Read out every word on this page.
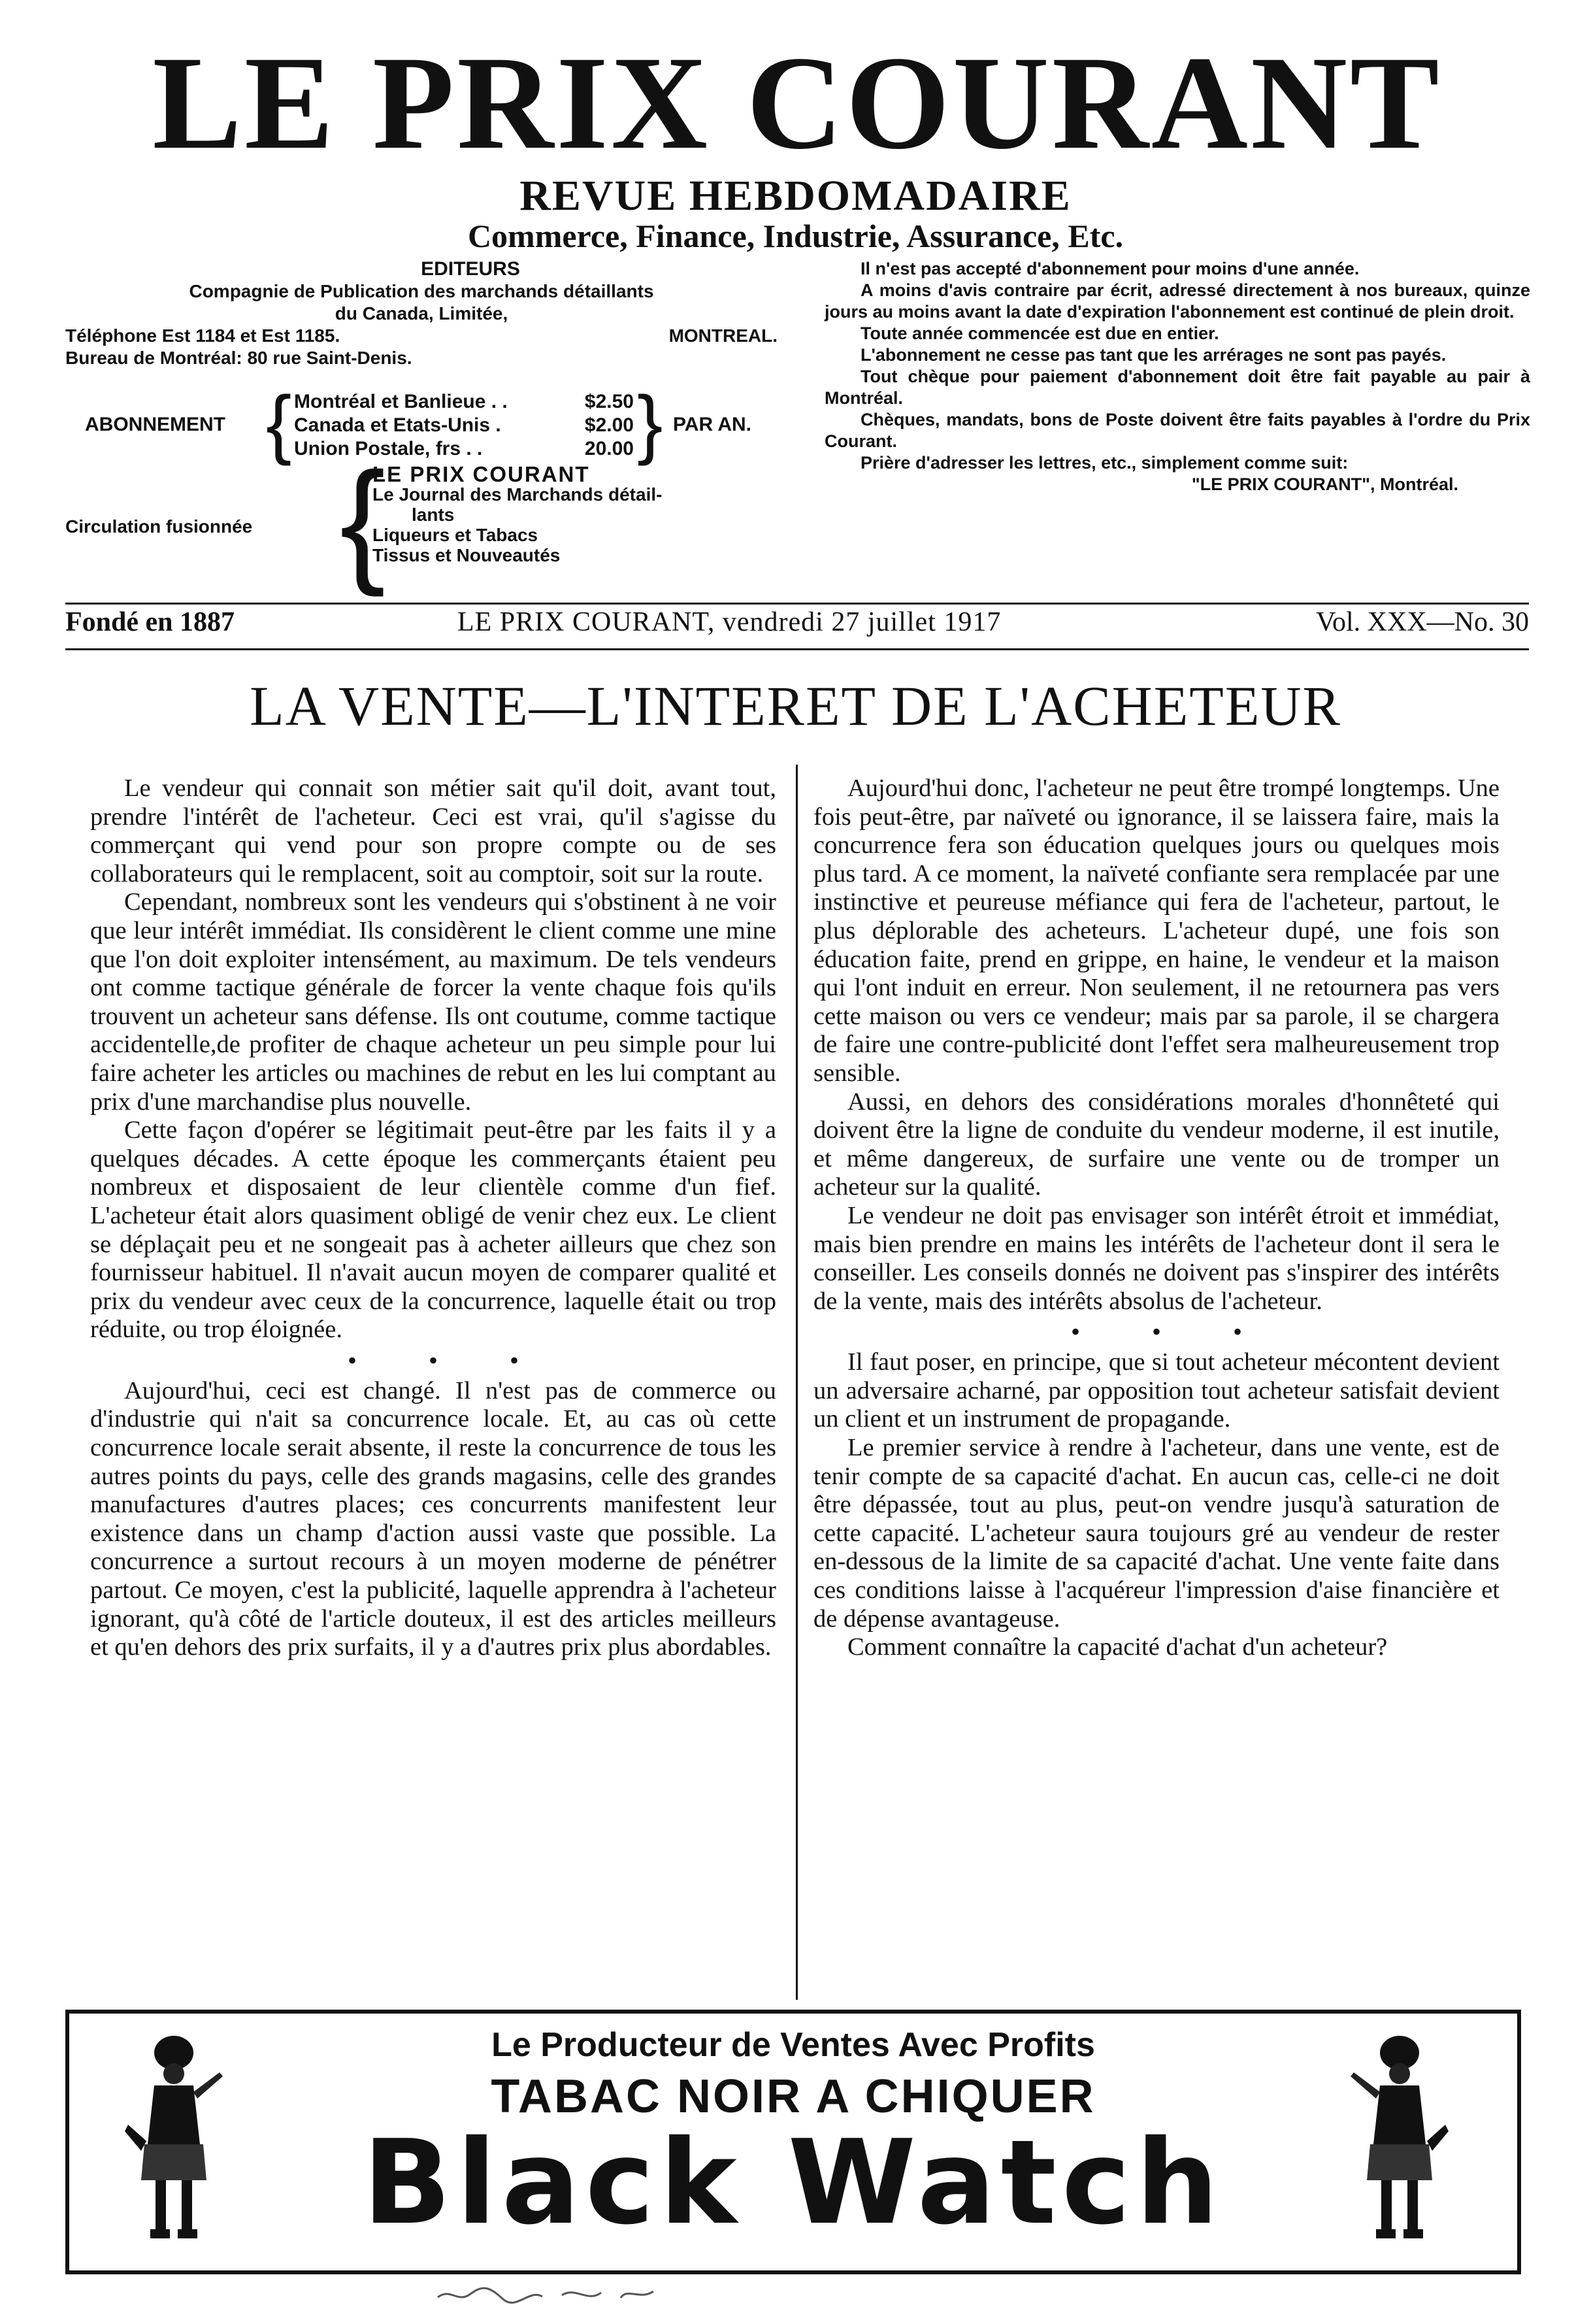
LE PRIX COURANT
REVUE HEBDOMADAIRE
Commerce, Finance, Industrie, Assurance, Etc.
EDITEURS
Compagnie de Publication des marchands détaillants
du Canada, Limitée,
Téléphone Est 1184 et Est 1185.	MONTREAL.
Bureau de Montréal: 80 rue Saint-Denis.
ABONNEMENT { Montréal et Banlieue . .	$2.50
Canada et Etats-Unis .	$2.00
Union Postale, frs . .	20.00 } PAR AN.
Circulation fusionnée {
LE PRIX COURANT
Le Journal des Marchands détail-
lants
Liqueurs et Tabacs
Tissus et Nouveautés

Il n'est pas accepté d'abonnement pour moins d'une année.

A moins d'avis contraire par écrit, adressé directement à nos bureaux, quinze jours au moins avant la date d'expiration l'abonnement est continué de plein droit.

Toute année commencée est due en entier.

L'abonnement ne cesse pas tant que les arrérages ne sont pas payés.

Tout chèque pour paiement d'abonnement doit être fait payable au pair à Montréal.

Chèques, mandats, bons de Poste doivent être faits payables à l'ordre du Prix Courant.

Prière d'adresser les lettres, etc., simplement comme suit:

"LE PRIX COURANT", Montréal.

Fondé en 1887	LE PRIX COURANT, vendredi 27 juillet 1917	Vol. XXX—No. 30
LA VENTE—L'INTERET DE L'ACHETEUR

Le vendeur qui connait son métier sait qu'il doit, avant tout, prendre l'intérêt de l'acheteur. Ceci est vrai, qu'il s'agisse du commerçant qui vend pour son propre compte ou de ses collaborateurs qui le remplacent, soit au comptoir, soit sur la route.

Cependant, nombreux sont les vendeurs qui s'obstinent à ne voir que leur intérêt immédiat. Ils considèrent le client comme une mine que l'on doit exploiter intensément, au maximum. De tels vendeurs ont comme tactique générale de forcer la vente chaque fois qu'ils trouvent un acheteur sans défense. Ils ont coutume, comme tactique accidentelle,de profiter de chaque acheteur un peu simple pour lui faire acheter les articles ou machines de rebut en les lui comptant au prix d'une marchandise plus nouvelle.

Cette façon d'opérer se légitimait peut-être par les faits il y a quelques décades. A cette époque les commerçants étaient peu nombreux et disposaient de leur clientèle comme d'un fief. L'acheteur était alors quasiment obligé de venir chez eux. Le client se déplaçait peu et ne songeait pas à acheter ailleurs que chez son fournisseur habituel. Il n'avait aucun moyen de comparer qualité et prix du vendeur avec ceux de la concurrence, laquelle était ou trop réduite, ou trop éloignée.

• • •

Aujourd'hui, ceci est changé. Il n'est pas de commerce ou d'industrie qui n'ait sa concurrence locale. Et, au cas où cette concurrence locale serait absente, il reste la concurrence de tous les autres points du pays, celle des grands magasins, celle des grandes manufactures d'autres places; ces concurrents manifestent leur existence dans un champ d'action aussi vaste que possible. La concurrence a surtout recours à un moyen moderne de pénétrer partout. Ce moyen, c'est la publicité, laquelle apprendra à l'acheteur ignorant, qu'à côté de l'article douteux, il est des articles meilleurs et qu'en dehors des prix surfaits, il y a d'autres prix plus abordables.

Aujourd'hui donc, l'acheteur ne peut être trompé longtemps. Une fois peut-être, par naïveté ou ignorance, il se laissera faire, mais la concurrence fera son éducation quelques jours ou quelques mois plus tard. A ce moment, la naïveté confiante sera remplacée par une instinctive et peureuse méfiance qui fera de l'acheteur, partout, le plus déplorable des acheteurs. L'acheteur dupé, une fois son éducation faite, prend en grippe, en haine, le vendeur et la maison qui l'ont induit en erreur. Non seulement, il ne retournera pas vers cette maison ou vers ce vendeur; mais par sa parole, il se chargera de faire une contre-publicité dont l'effet sera malheureusement trop sensible.

Aussi, en dehors des considérations morales d'honnêteté qui doivent être la ligne de conduite du vendeur moderne, il est inutile, et même dangereux, de surfaire une vente ou de tromper un acheteur sur la qualité.

Le vendeur ne doit pas envisager son intérêt étroit et immédiat, mais bien prendre en mains les intérêts de l'acheteur dont il sera le conseiller. Les conseils donnés ne doivent pas s'inspirer des intérêts de la vente, mais des intérêts absolus de l'acheteur.

• • •

Il faut poser, en principe, que si tout acheteur mécontent devient un adversaire acharné, par opposition tout acheteur satisfait devient un client et un instrument de propagande.

Le premier service à rendre à l'acheteur, dans une vente, est de tenir compte de sa capacité d'achat. En aucun cas, celle-ci ne doit être dépassée, tout au plus, peut-on vendre jusqu'à saturation de cette capacité. L'acheteur saura toujours gré au vendeur de rester en-dessous de la limite de sa capacité d'achat. Une vente faite dans ces conditions laisse à l'acquéreur l'impression d'aise financière et de dépense avantageuse.

Comment connaître la capacité d'achat d'un acheteur?

Le Producteur de Ventes Avec Profits
TABAC NOIR A CHIQUER
Black Watch
